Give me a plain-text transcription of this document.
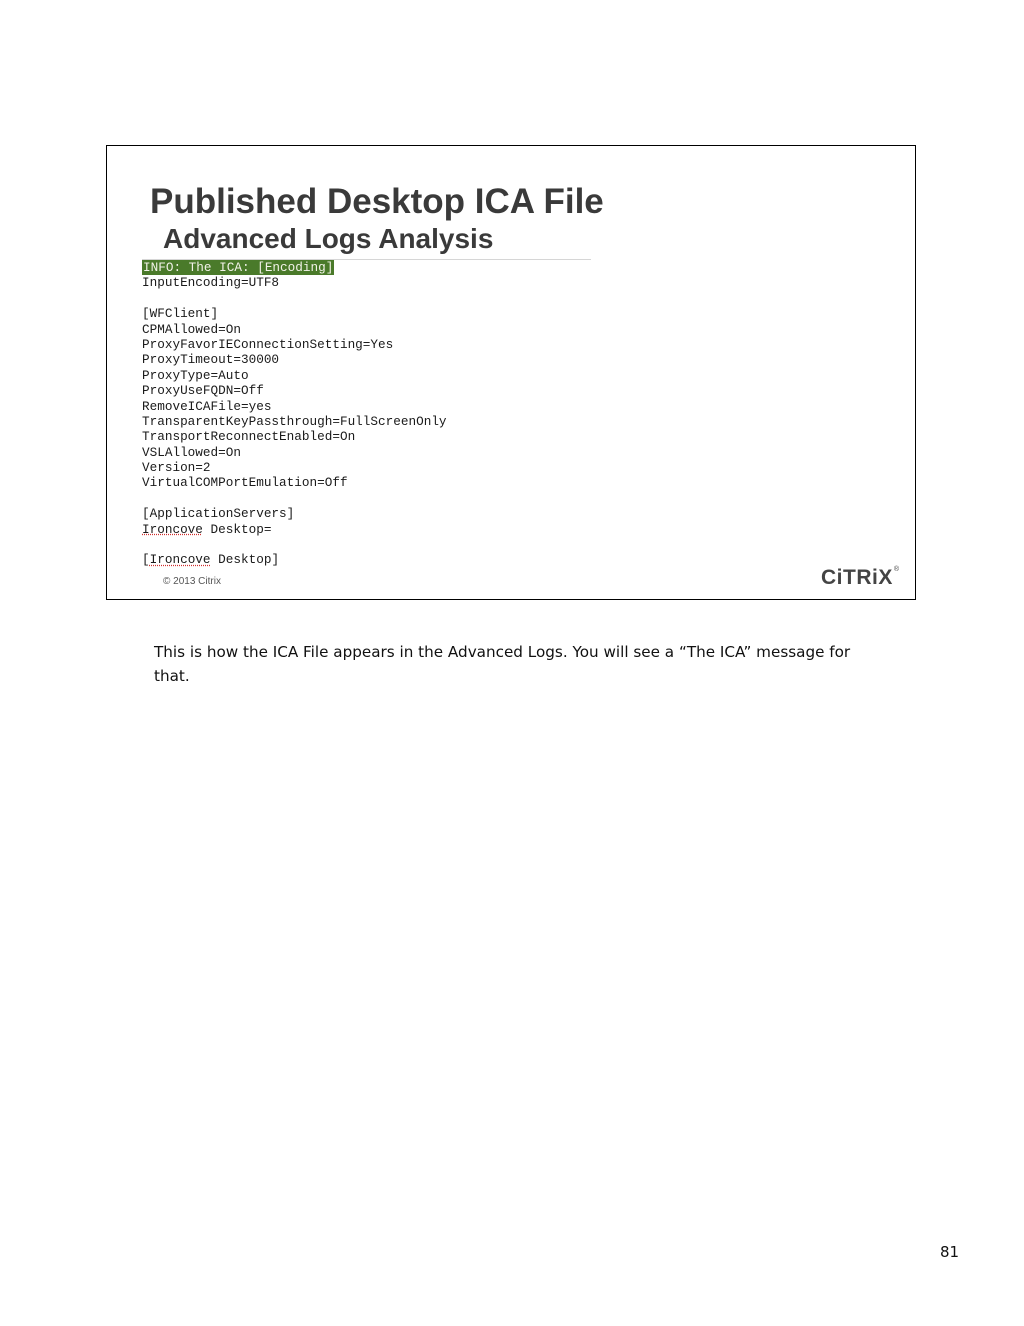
Published Desktop ICA File
Advanced Logs Analysis
INFO: The ICA: [Encoding]
InputEncoding=UTF8
[WFClient]
CPMAllowed=On
ProxyFavorIEConnectionSetting=Yes
ProxyTimeout=30000
ProxyType=Auto
ProxyUseFQDN=Off
RemoveICAFile=yes
TransparentKeyPassthrough=FullScreenOnly
TransportReconnectEnabled=On
VSLAllowed=On
Version=2
VirtualCOMPortEmulation=Off
[ApplicationServers]
Ironcove Desktop=
[Ironcove Desktop]
© 2013 Citrix	CiTRiX®

This is how the ICA File appears in the Advanced Logs. You will see a “The ICA” message for that.

81
